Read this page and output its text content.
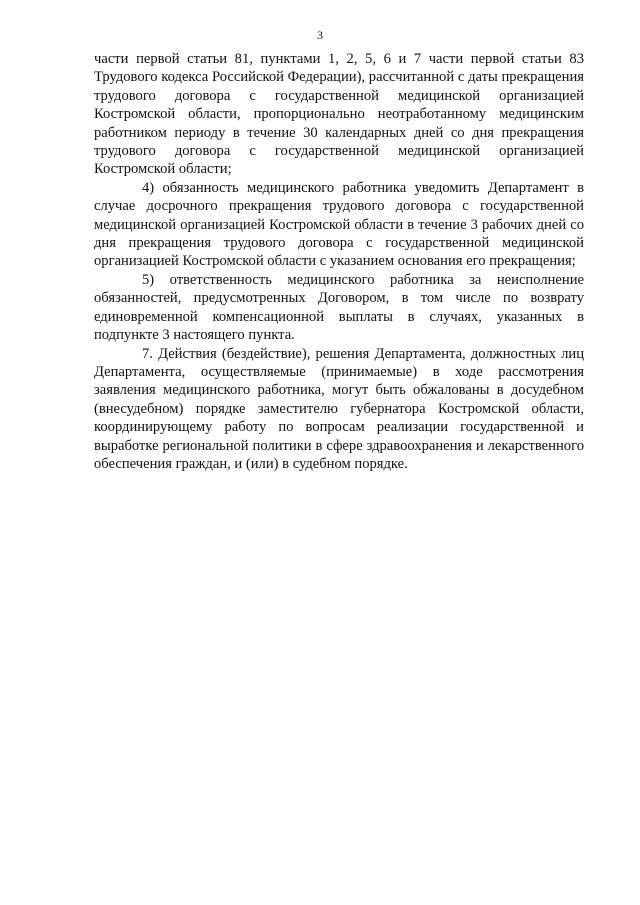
3

части первой статьи 81, пунктами 1, 2, 5, 6 и 7 части первой статьи 83 Трудового кодекса Российской Федерации), рассчитанной с даты прекращения трудового договора с государственной медицинской организацией Костромской области, пропорционально неотработанному медицинским работником периоду в течение 30 календарных дней со дня прекращения трудового договора с государственной медицинской организацией Костромской области;

4) обязанность медицинского работника уведомить Департамент в случае досрочного прекращения трудового договора с государственной медицинской организацией Костромской области в течение 3 рабочих дней со дня прекращения трудового договора с государственной медицинской организацией Костромской области с указанием основания его прекращения;

5) ответственность медицинского работника за неисполнение обязанностей, предусмотренных Договором, в том числе по возврату единовременной компенсационной выплаты в случаях, указанных в подпункте 3 настоящего пункта.

7. Действия (бездействие), решения Департамента, должностных лиц Департамента, осуществляемые (принимаемые) в ходе рассмотрения заявления медицинского работника, могут быть обжалованы в досудебном (внесудебном) порядке заместителю губернатора Костромской области, координирующему работу по вопросам реализации государственной и выработке региональной политики в сфере здравоохранения и лекарственного обеспечения граждан, и (или) в судебном порядке.
